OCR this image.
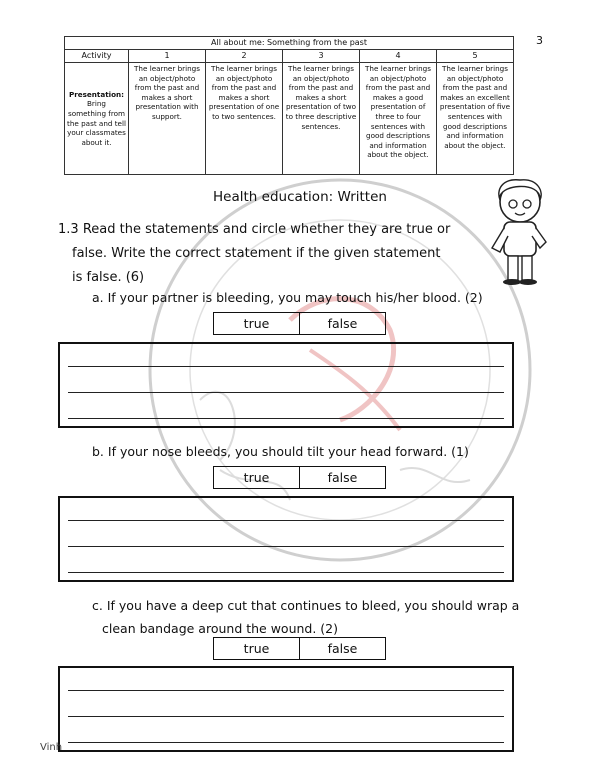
3
All about me: Something from the past					
Activity	1	2	3	4	5
Presentation:
Bring something from the past and tell your classmates about it.	The learner brings an object/photo from the past and makes a short presentation with support.	The learner brings an object/photo from the past and makes a short presentation of one to two sentences.	The learner brings an object/photo from the past and makes a short presentation of two to three descriptive sentences.	The learner brings an object/photo from the past and makes a good presentation of three to four sentences with good descriptions and information about the object.	The learner brings an object/photo from the past and makes an excellent presentation of five sentences with good descriptions and information about the object.
Health education: Written
1.3 Read the statements and circle whether they are true or
false. Write the correct statement if the given statement
is false. (6)
a. If your partner is bleeding, you may touch his/her blood. (2)
true	false
b. If your nose bleeds, you should tilt your head forward. (1)
true	false
c. If you have a deep cut that continues to bleed, you should wrap a
clean bandage around the wound. (2)
true	false
Vinh
